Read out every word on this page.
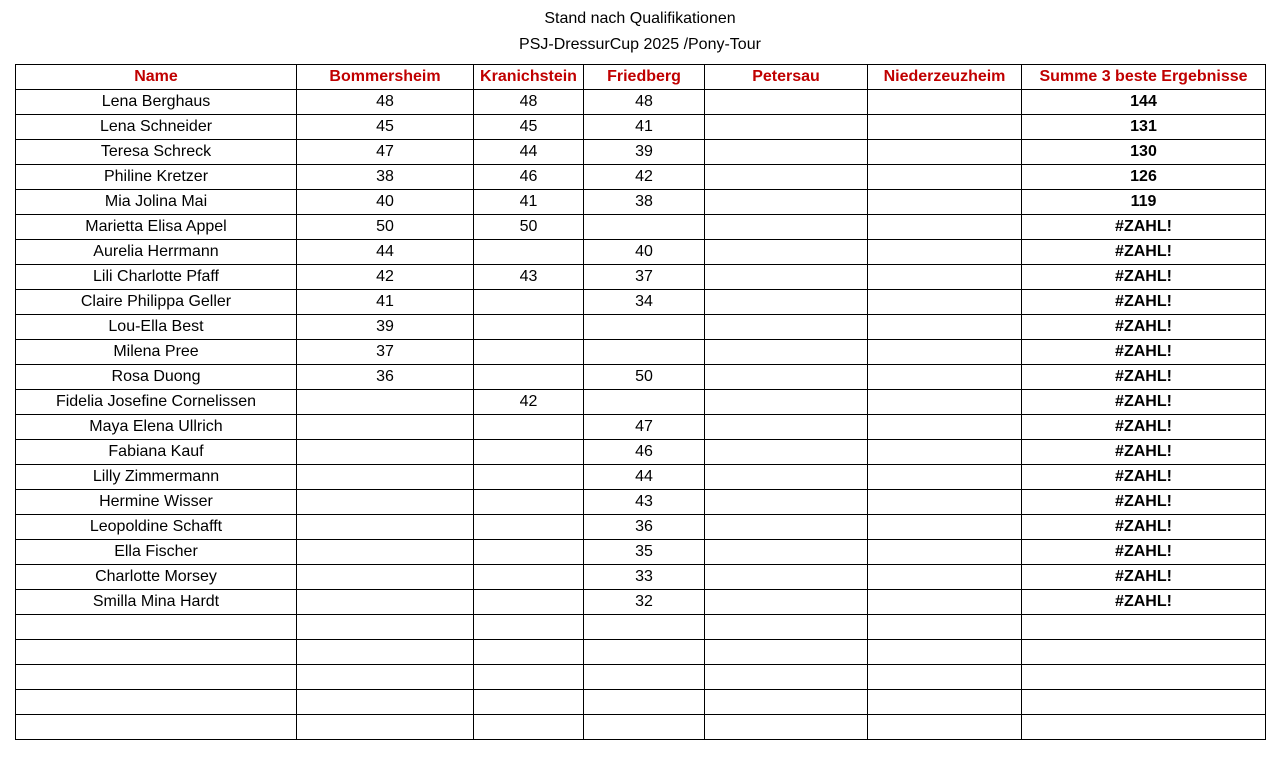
Stand nach Qualifikationen
PSJ-DressurCup 2025 /Pony-Tour
Name	Bommersheim	Kranichstein	Friedberg	Petersau	Niederzeuzheim	Summe 3 beste Ergebnisse
Lena Berghaus	48	48	48			144
Lena Schneider	45	45	41			131
Teresa Schreck	47	44	39			130
Philine Kretzer	38	46	42			126
Mia Jolina Mai	40	41	38			119
Marietta Elisa Appel	50	50				#ZAHL!
Aurelia Herrmann	44		40			#ZAHL!
Lili Charlotte Pfaff	42	43	37			#ZAHL!
Claire Philippa Geller	41		34			#ZAHL!
Lou-Ella Best	39					#ZAHL!
Milena Pree	37					#ZAHL!
Rosa Duong	36		50			#ZAHL!
Fidelia Josefine Cornelissen		42				#ZAHL!
Maya Elena Ullrich			47			#ZAHL!
Fabiana Kauf			46			#ZAHL!
Lilly Zimmermann			44			#ZAHL!
Hermine Wisser			43			#ZAHL!
Leopoldine Schafft			36			#ZAHL!
Ella Fischer			35			#ZAHL!
Charlotte Morsey			33			#ZAHL!
Smilla Mina Hardt			32			#ZAHL!
